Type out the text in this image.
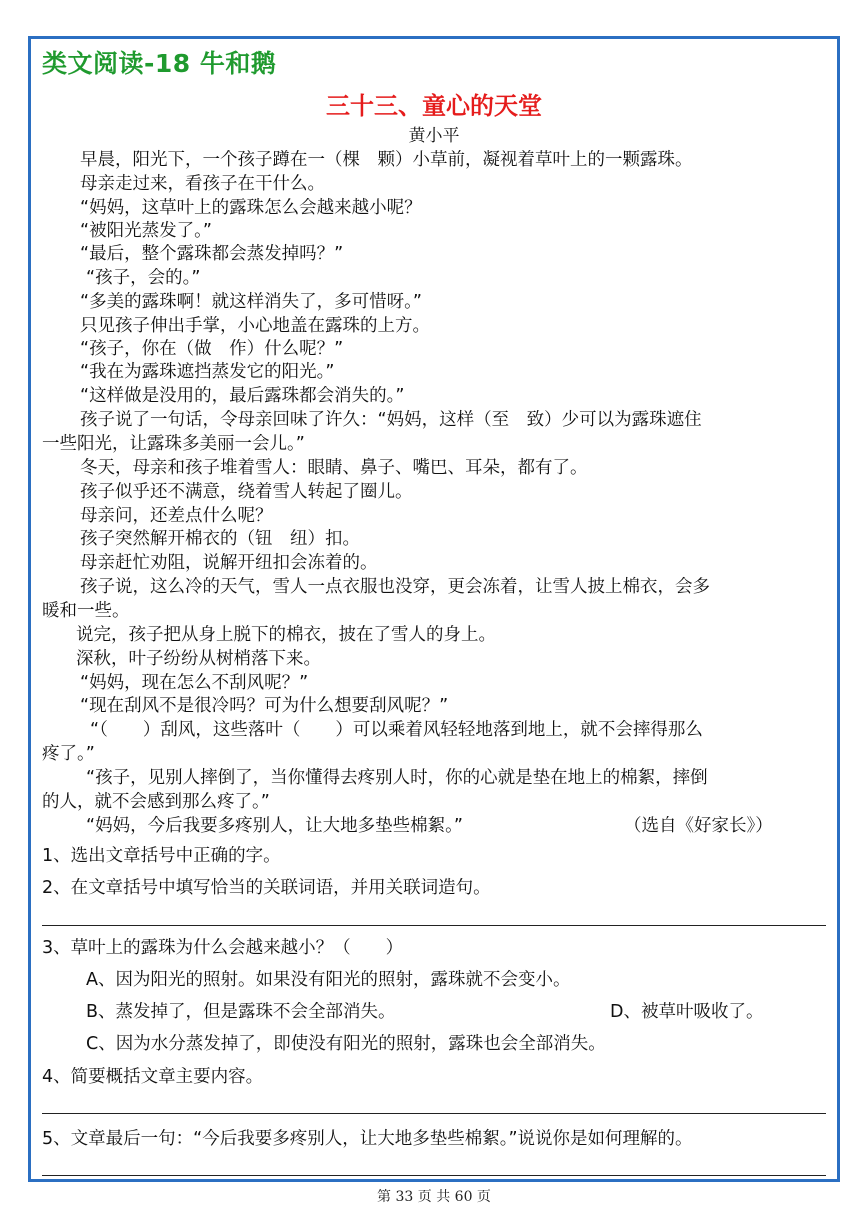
类文阅读-18 牛和鹅
三十三、童心的天堂
黄小平
早晨，阳光下，一个孩子蹲在一（棵　颗）小草前，凝视着草叶上的一颗露珠。
母亲走过来，看孩子在干什么。
“妈妈，这草叶上的露珠怎么会越来越小呢？
“被阳光蒸发了。”
“最后，整个露珠都会蒸发掉吗？”
“孩子，会的。”
“多美的露珠啊！就这样消失了，多可惜呀。”
只见孩子伸出手掌，小心地盖在露珠的上方。
“孩子，你在（做　作）什么呢？”
“我在为露珠遮挡蒸发它的阳光。”
“这样做是没用的，最后露珠都会消失的。”
孩子说了一句话，令母亲回味了许久：“妈妈，这样（至　致）少可以为露珠遮住
一些阳光，让露珠多美丽一会儿。”
冬天，母亲和孩子堆着雪人：眼睛、鼻子、嘴巴、耳朵，都有了。
孩子似乎还不满意，绕着雪人转起了圈儿。
母亲问，还差点什么呢？
孩子突然解开棉衣的（钮　纽）扣。
母亲赶忙劝阻，说解开纽扣会冻着的。
孩子说，这么冷的天气，雪人一点衣服也没穿，更会冻着，让雪人披上棉衣，会多
暖和一些。
说完，孩子把从身上脱下的棉衣，披在了雪人的身上。
深秋，叶子纷纷从树梢落下来。
“妈妈，现在怎么不刮风呢？”
“现在刮风不是很冷吗？可为什么想要刮风呢？”
“（　　）刮风，这些落叶（　　）可以乘着风轻轻地落到地上，就不会摔得那么
疼了。”
“孩子，见别人摔倒了，当你懂得去疼别人时，你的心就是垫在地上的棉絮，摔倒
的人，就不会感到那么疼了。”
“妈妈，今后我要多疼别人，让大地多垫些棉絮。”	（选自《好家长》）
1、选出文章括号中正确的字。
2、在文章括号中填写恰当的关联词语，并用关联词造句。
3、草叶上的露珠为什么会越来越小？（　　）
A、因为阳光的照射。如果没有阳光的照射，露珠就不会变小。
B、蒸发掉了，但是露珠不会全部消失。	D、被草叶吸收了。
C、因为水分蒸发掉了，即使没有阳光的照射，露珠也会全部消失。
4、简要概括文章主要内容。
5、文章最后一句：“今后我要多疼别人，让大地多垫些棉絮。”说说你是如何理解的。
第 33 页 共 60 页
